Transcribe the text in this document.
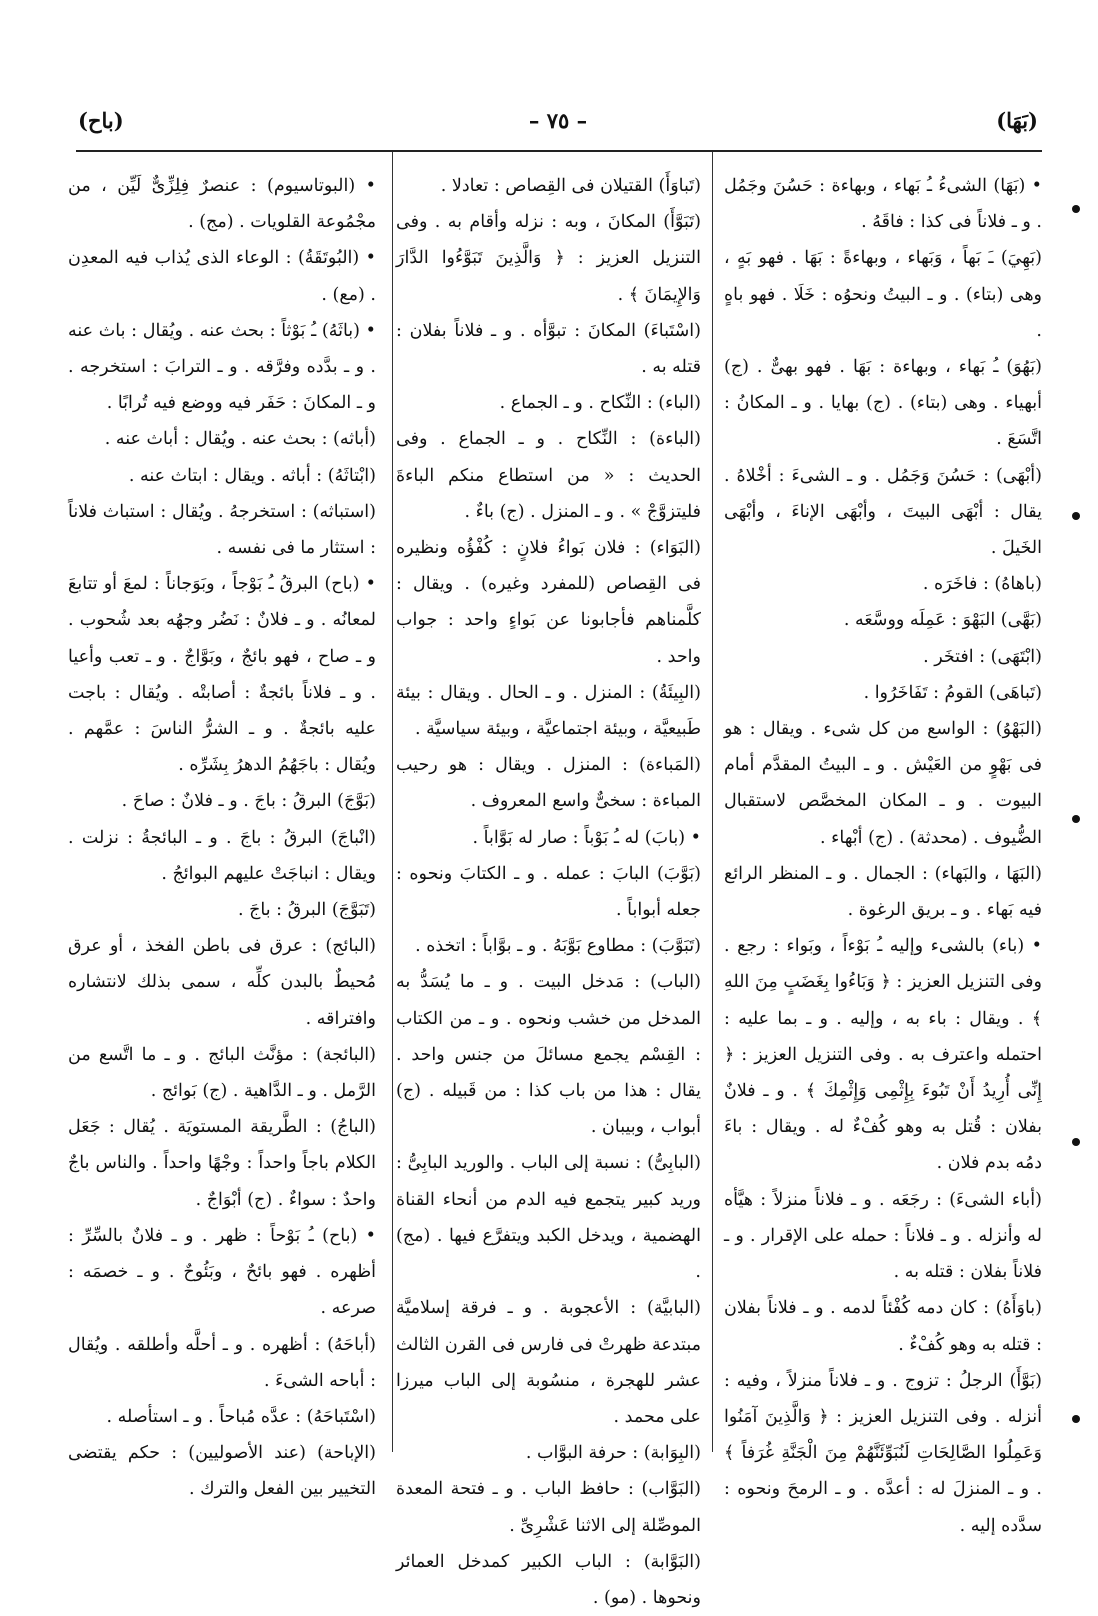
(بَهَا)
– ٧٥ –
(باح)

• (بَهَا) الشىءُ ـُ بَهاء ، وبهاءة : حَسُنَ وجَمُل . و ـ فلاناً فى كذا : فاقَهُ .

(بَهِيَ) ـَ بَهاً ، وَبَهاء ، وبهاءةً : بَهَا . فهو بَهٍ ، وهى (بتاء) . و ـ البيتُ ونحوُه : خَلَا . فهو باهٍ .

(بَهُوَ) ـُ بَهاء ، وبهاءة : بَهَا . فهو بهىٌّ . (ج) أبهياء . وهى (بتاء) . (ج) بهايا . و ـ المكانُ : اتَّسَعَ .

(أبْهَى) : حَسُنَ وَجَمُل . و ـ الشىءَ : أخْلاهُ . يقال : أبْهَى البيتَ ، وأبْهَى الإناءَ ، وأبْهَى الخَيلَ .

(باهاهُ) : فاخَرَه .

(بَهَّى) البَهْوَ : عَمِلَه ووسَّعَه .

(ابْتَهَى) : افتخَر .

(تَباهَى) القومُ : تَفَاخَرُوا .

(البَهْوُ) : الواسع من كل شىء . ويقال : هو فى بَهْوٍ من العَيْش . و ـ البيتُ المقدَّم أمام البيوت . و ـ المكان المخصَّص لاستقبال الضُّيوف . (محدثة) . (ج) أبْهاء .

(البَهَا ، والبَهاء) : الجمال . و ـ المنظر الرائع فيه بَهاء . و ـ بريق الرغوة .

• (باء) بالشىء وإليه ـُ بَوْءاً ، وبَواء : رجع . وفى التنزيل العزيز : ﴿ وَبَاءُوا بِغَضَبٍ مِنَ اللهِ ﴾ . ويقال : باء به ، وإليه . و ـ بما عليه : احتمله واعترف به . وفى التنزيل العزيز : ﴿ إِنِّى أُرِيدُ أَنْ تَبُوءَ بِإِثْمِى وَإِثْمِكَ ﴾ . و ـ فلانٌ بفلان : قُتل به وهو كُفْءٌ له . ويقال : باءَ دمُه بدم فلان .

(أباء الشىءَ) : رجَعَه . و ـ فلاناً منزلاً : هيَّأه له وأنزله . و ـ فلاناً : حمله على الإقرار . و ـ فلاناً بفلان : قتله به .

(باوَأَهُ) : كان دمه كُفْئاً لدمه . و ـ فلاناً بفلان : قتله به وهو كُفْءٌ .

(بَوَّأَ) الرجلُ : تزوج . و ـ فلاناً منزلاً ، وفيه : أنزله . وفى التنزيل العزيز : ﴿ وَالَّذِينَ آمَنُوا وَعَمِلُوا الصَّالِحَاتِ لَنُبَوِّئَنَّهُمْ مِنَ الْجَنَّةِ غُرَفاً ﴾ . و ـ المنزلَ له : أعدَّه . و ـ الرمحَ ونحوه : سدَّده إليه .

(تَباوَأَ) القتيلان فى القِصاص : تعادلا .

(تَبَوَّأَ) المكانَ ، وبه : نزله وأقام به . وفى التنزيل العزيز : ﴿ وَالَّذِينَ تَبَوَّءُوا الدَّارَ وَالإِيمَانَ ﴾ .

(اسْتَباءَ) المكانَ : تبوَّأه . و ـ فلاناً بفلان : قتله به .

(الباء) : النِّكاح . و ـ الجماع .

(الباءة) : النِّكاح . و ـ الجماع . وفى الحديث : « من استطاع منكم الباءةَ فليتزوَّجْ » . و ـ المنزل . (ج) باءٌ .

(البَوَاء) : فلان بَواءُ فلانٍ : كُفْؤُه ونظيره فى القِصاص (للمفرد وغيره) . ويقال : كلَّمناهم فأجابونا عن بَواءٍ واحد : جواب واحد .

(البِيئَةُ) : المنزل . و ـ الحال . ويقال : بيئة طَبيعيَّة ، وبيئة اجتماعيَّة ، وبيئة سياسيَّة .

(المَباءة) : المنزل . ويقال : هو رحيب المباءة : سخىٌّ واسع المعروف .

• (بابَ) له ـُ بَوْباً : صار له بَوَّاباً .

(بَوَّبَ) البابَ : عمله . و ـ الكتابَ ونحوه : جعله أبواباً .

(تَبَوَّبَ) : مطاوع بَوَّبَهُ . و ـ بوَّاباً : اتخذه .

(الباب) : مَدخل البيت . و ـ ما يُسَدُّ به المدخل من خشب ونحوه . و ـ من الكتاب : القِسْم يجمع مسائلَ من جنس واحد . يقال : هذا من باب كذا : من قَبيله . (ج) أبواب ، وبيبان .

(البابِىُّ) : نسبة إلى الباب . والوريد البابِىُّ : وريد كبير يتجمع فيه الدم من أنحاء القناة الهضمية ، ويدخل الكبد ويتفرَّع فيها . (مج) .

(البابيَّة) : الأعجوبة . و ـ فرقة إسلاميَّة مبتدعة ظهرتْ فى فارس فى القرن الثالث عشر للهجرة ، منسُوبة إلى الباب ميرزا على محمد .

(البِوَابة) : حرفة البوَّاب .

(البَوَّاب) : حافظ الباب . و ـ فتحة المعدة الموصِّلة إلى الاثنا عَشْرِىِّ .

(البَوَّابة) : الباب الكبير كمدخل العمائر ونحوها . (مو) .

• (البوتاسيوم) : عنصرٌ فِلِزِّىٌّ لَيِّن ، من مجْمُوعة القلويات . (مج) .

• (البُوتَقَةُ) : الوعاء الذى يُذاب فيه المعدِن . (مع) .

• (باثَهُ) ـُ بَوْثاً : بحث عنه . ويُقال : باث عنه . و ـ بدَّده وفرَّقه . و ـ الترابَ : استخرجه . و ـ المكانَ : حَفَر فيه ووضع فيه تُرابًا .

(أباثه) : بحث عنه . ويُقال : أباث عنه .

(ابْتاثَهُ) : أباثه . ويقال : ابتاث عنه .

(استباثه) : استخرجهُ . ويُقال : استباث فلاناً : استثار ما فى نفسه .

• (باح) البرقُ ـُ بَوْجاً ، وبَوَجاناً : لمعَ أو تتابعَ لمعانُه . و ـ فلانٌ : نَضُر وجهُه بعد شُحوب . و ـ صاح ، فهو بائجٌ ، وبَوَّاجٌ . و ـ تعب وأعيا . و ـ فلاناً بائجةٌ : أصابتْه . ويُقال : باجت عليه بائجةٌ . و ـ الشرُّ الناسَ : عمَّهم . ويُقال : باجَهُمُ الدهرُ بِشَرِّه .

(بَوَّجَ) البرقُ : باجَ . و ـ فلانٌ : صاحَ .

(انْباجَ) البرقُ : باجَ . و ـ البائجةُ : نزلت . ويقال : انباجَتْ عليهم البوائجُ .

(تَبَوَّجَ) البرقُ : باجَ .

(البائج) : عرق فى باطن الفخذ ، أو عرق مُحيطٌ بالبدن كلِّه ، سمى بذلك لانتشاره وافتراقه .

(البائجة) : مؤنَّث البائج . و ـ ما اتَّسع من الرَّمل . و ـ الدَّاهية . (ج) بَوائج .

(الباجُ) : الطَّريقة المستويَة . يُقال : جَعَل الكلام باجاً واحداً : وجْهًا واحداً . والناس باجٌ واحدٌ : سواءٌ . (ج) أبْوَاجٌ .

• (باح) ـُ بَوْحاً : ظهر . و ـ فلانٌ بالسِّرِّ : أظهره . فهو بائحٌ ، وبَئُوحٌ . و ـ خصمَه : صرعه .

(أباحَهُ) : أظهره . و ـ أحلَّه وأطلقه . ويُقال : أباحه الشىءَ .

(اسْتَباحَهُ) : عدَّه مُباحاً . و ـ استأصله .

(الإباحة) (عند الأصوليين) : حكم يقتضى التخيير بين الفعل والترك .
